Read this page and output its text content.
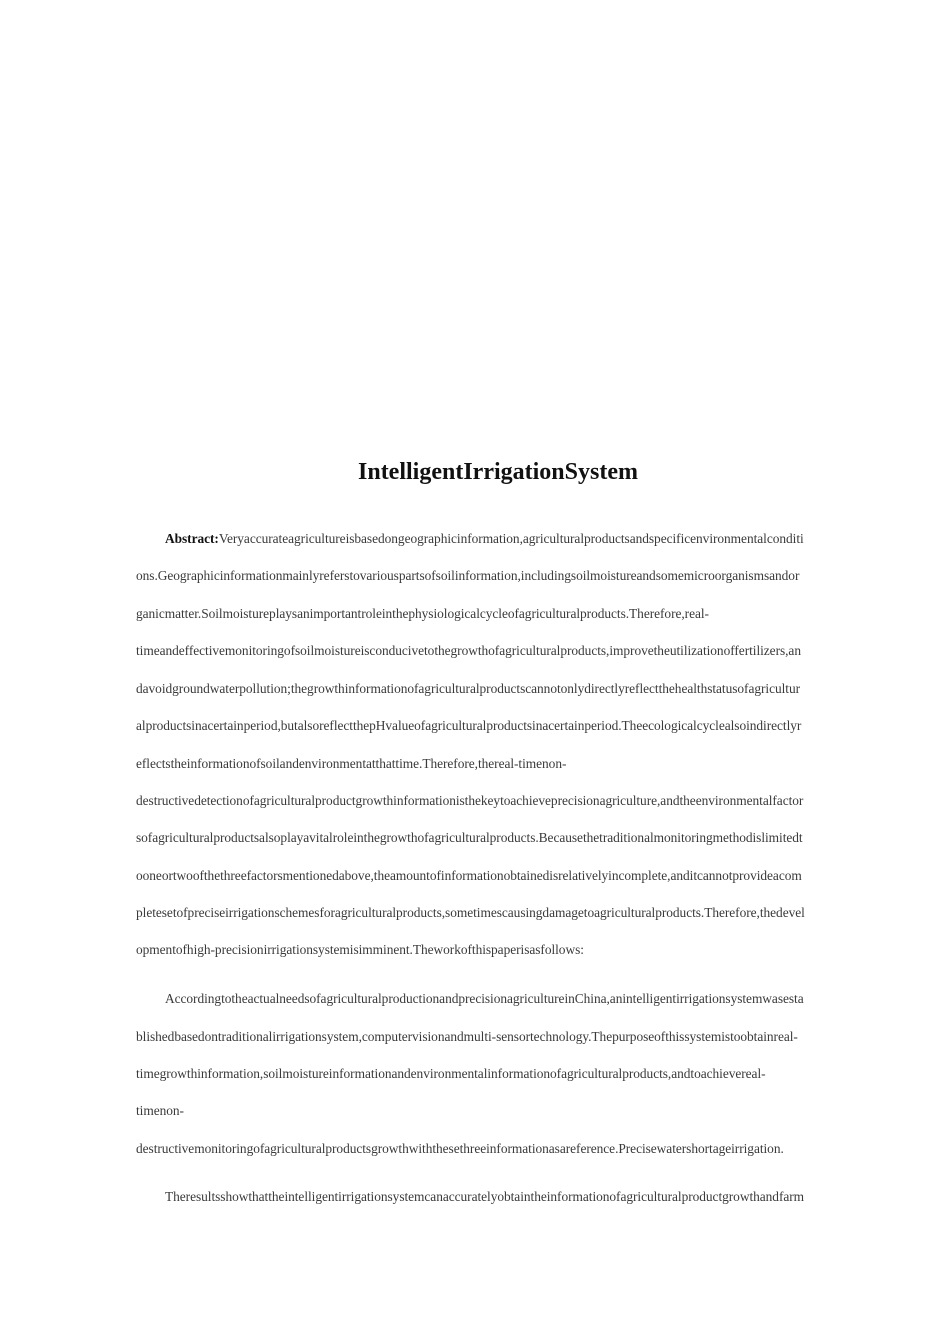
IntelligentIrrigationSystem
Abstract:Veryaccurateagricultureisbasedongeographicinformation,agriculturalproductsandspecificenvironmentalconditi
ons.Geographicinformationmainlyreferstovariouspartsofsoilinformation,includingsoilmoistureandsomemicroorganismsandor
ganicmatter.Soilmoistureplaysanimportantroleinthephysiologicalcycleofagriculturalproducts.Therefore,real-
timeandeffectivemonitoringofsoilmoistureisconducivetothegrowthofagriculturalproducts,improvetheutilizationoffertilizers,an
davoidgroundwaterpollution;thegrowthinformationofagriculturalproductscannotonlydirectlyreflectthehealthstatusofagricultur
alproductsinacertainperiod,butalsoreflectthepHvalueofagriculturalproductsinacertainperiod.Theecologicalcyclealsoindirectlyr
eflectstheinformationofsoilandenvironmentatthattime.Therefore,thereal-timenon-
destructivedetectionofagriculturalproductgrowthinformationisthekeytoachieveprecisionagriculture,andtheenvironmentalfactor
sofagriculturalproductsalsoplayavitalroleinthegrowthofagriculturalproducts.Becausethetraditionalmonitoringmethodislimitedt
ooneortwoofthethreefactorsmentionedabove,theamountofinformationobtainedisrelativelyincomplete,anditcannotprovideacom
pletesetofpreciseirrigationschemesforagriculturalproducts,sometimescausingdamagetoagriculturalproducts.Therefore,thedevel
opmentofhigh-precisionirrigationsystemisimminent.Theworkofthispaperisasfollows:
AccordingtotheactualneedsofagriculturalproductionandprecisionagricultureinChina,anintelligentirrigationsystemwasesta
blishedbasedontraditionalirrigationsystem,computervisionandmulti-sensortechnology.Thepurposeofthissystemistoobtainreal-
timegrowthinformation,soilmoistureinformationandenvironmentalinformationofagriculturalproducts,andtoachievereal-
timenon-
destructivemonitoringofagriculturalproductsgrowthwiththesethreeinformationasareference.Precisewatershortageirrigation.
Theresultsshowthattheintelligentirrigationsystemcanaccuratelyobtaintheinformationofagriculturalproductgrowthandfarm
